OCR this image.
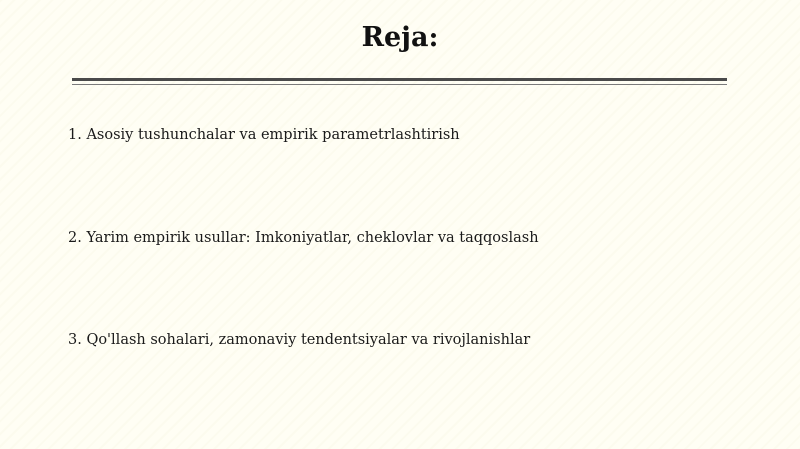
Reja:
1. Asosiy tushunchalar va empirik parametrlashtirish
2. Yarim empirik usullar: Imkoniyatlar, cheklovlar va taqqoslash
3. Qo'llash sohalari, zamonaviy tendentsiyalar va rivojlanishlar
